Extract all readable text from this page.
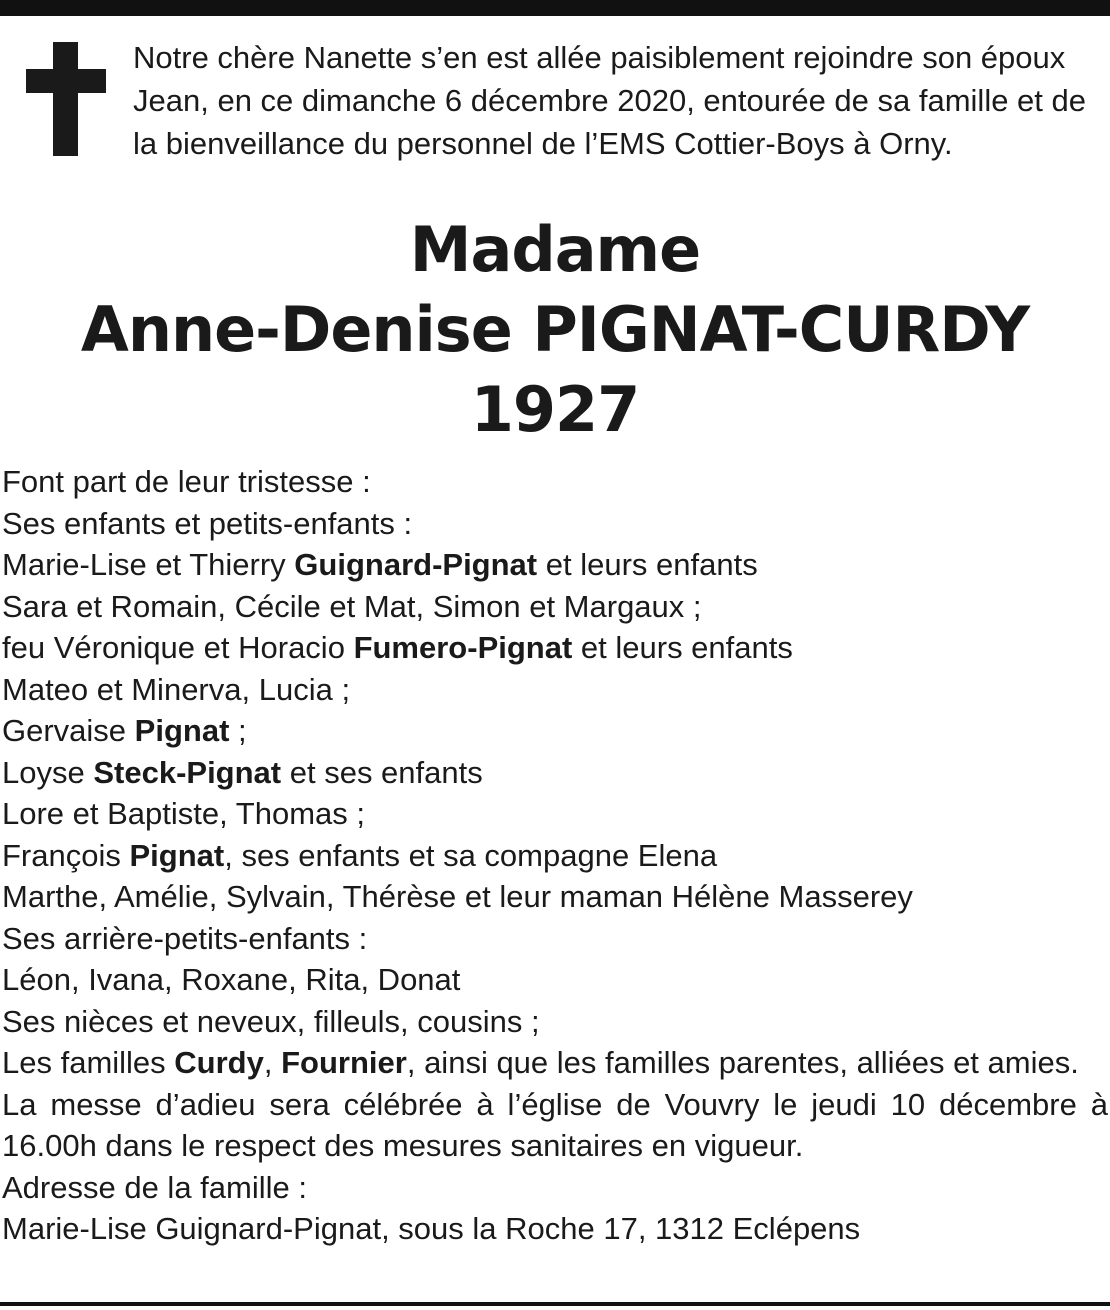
Notre chère Nanette s’en est allée paisiblement rejoindre son époux Jean, en ce dimanche 6 décembre 2020, entourée de sa famille et de la bienveillance du personnel de l’EMS Cottier-Boys à Orny.

Madame
Anne-Denise PIGNAT-CURDY
1927
Font part de leur tristesse :
Ses enfants et petits-enfants :
Marie-Lise et Thierry Guignard-Pignat et leurs enfants
Sara et Romain, Cécile et Mat, Simon et Margaux ;
feu Véronique et Horacio Fumero-Pignat et leurs enfants
Mateo et Minerva, Lucia ;
Gervaise Pignat ;
Loyse Steck-Pignat et ses enfants
Lore et Baptiste, Thomas ;
François Pignat, ses enfants et sa compagne Elena
Marthe, Amélie, Sylvain, Thérèse et leur maman Hélène Masserey
Ses arrière-petits-enfants :
Léon, Ivana, Roxane, Rita, Donat
Ses nièces et neveux, filleuls, cousins ;
Les familles Curdy, Fournier, ainsi que les familles parentes, alliées et amies.
La messe d’adieu sera célébrée à l’église de Vouvry le jeudi 10 décembre à 16.00h dans le respect des mesures sanitaires en vigueur.
Adresse de la famille :
Marie-Lise Guignard-Pignat, sous la Roche 17, 1312 Eclépens
